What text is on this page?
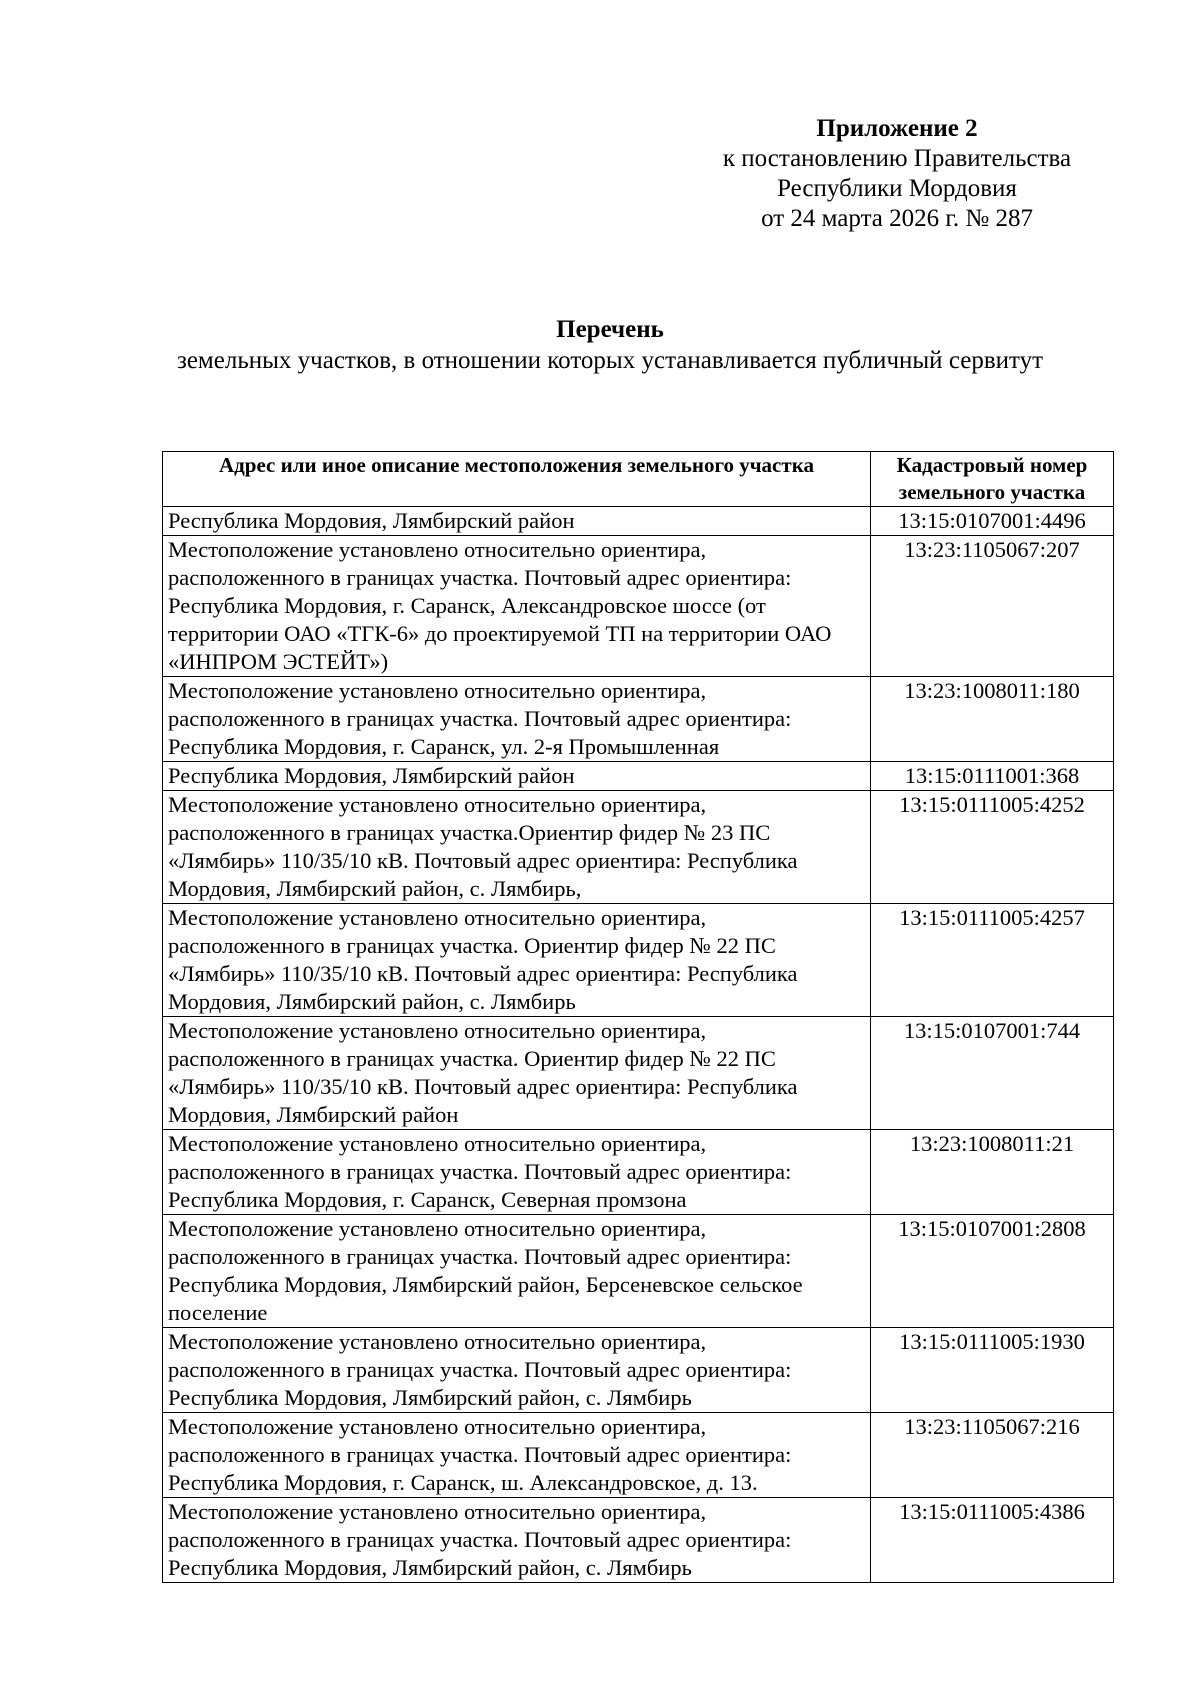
Приложение 2
к постановлению Правительства
Республики Мордовия
от 24 марта 2026 г. № 287
Перечень
земельных участков, в отношении которых устанавливается публичный сервитут
Адрес или иное описание местоположения земельного участка	Кадастровый номер земельного участка
Республика Мордовия, Лямбирский район	13:15:0107001:4496
Местоположение установлено относительно ориентира, расположенного в границах участка. Почтовый адрес ориентира: Республика Мордовия, г. Саранск, Александровское шоссе (от территории ОАО «ТГК-6» до проектируемой ТП на территории ОАО «ИНПРОМ ЭСТЕЙТ»)	13:23:1105067:207
Местоположение установлено относительно ориентира, расположенного в границах участка. Почтовый адрес ориентира: Республика Мордовия, г. Саранск, ул. 2-я Промышленная	13:23:1008011:180
Республика Мордовия, Лямбирский район	13:15:0111001:368
Местоположение установлено относительно ориентира, расположенного в границах участка.Ориентир фидер № 23 ПС «Лямбирь» 110/35/10 кВ. Почтовый адрес ориентира: Республика Мордовия, Лямбирский район, с. Лямбирь,	13:15:0111005:4252
Местоположение установлено относительно ориентира, расположенного в границах участка. Ориентир фидер № 22 ПС «Лямбирь» 110/35/10 кВ. Почтовый адрес ориентира: Республика Мордовия, Лямбирский район, с. Лямбирь	13:15:0111005:4257
Местоположение установлено относительно ориентира, расположенного в границах участка. Ориентир фидер № 22 ПС «Лямбирь» 110/35/10 кВ. Почтовый адрес ориентира: Республика Мордовия, Лямбирский район	13:15:0107001:744
Местоположение установлено относительно ориентира, расположенного в границах участка. Почтовый адрес ориентира: Республика Мордовия, г. Саранск, Северная промзона	13:23:1008011:21
Местоположение установлено относительно ориентира, расположенного в границах участка. Почтовый адрес ориентира: Республика Мордовия, Лямбирский район, Берсеневское сельское поселение	13:15:0107001:2808
Местоположение установлено относительно ориентира, расположенного в границах участка. Почтовый адрес ориентира: Республика Мордовия, Лямбирский район, с. Лямбирь	13:15:0111005:1930
Местоположение установлено относительно ориентира, расположенного в границах участка. Почтовый адрес ориентира: Республика Мордовия, г. Саранск, ш. Александровское, д. 13.	13:23:1105067:216
Местоположение установлено относительно ориентира, расположенного в границах участка. Почтовый адрес ориентира: Республика Мордовия, Лямбирский район, с. Лямбирь	13:15:0111005:4386
